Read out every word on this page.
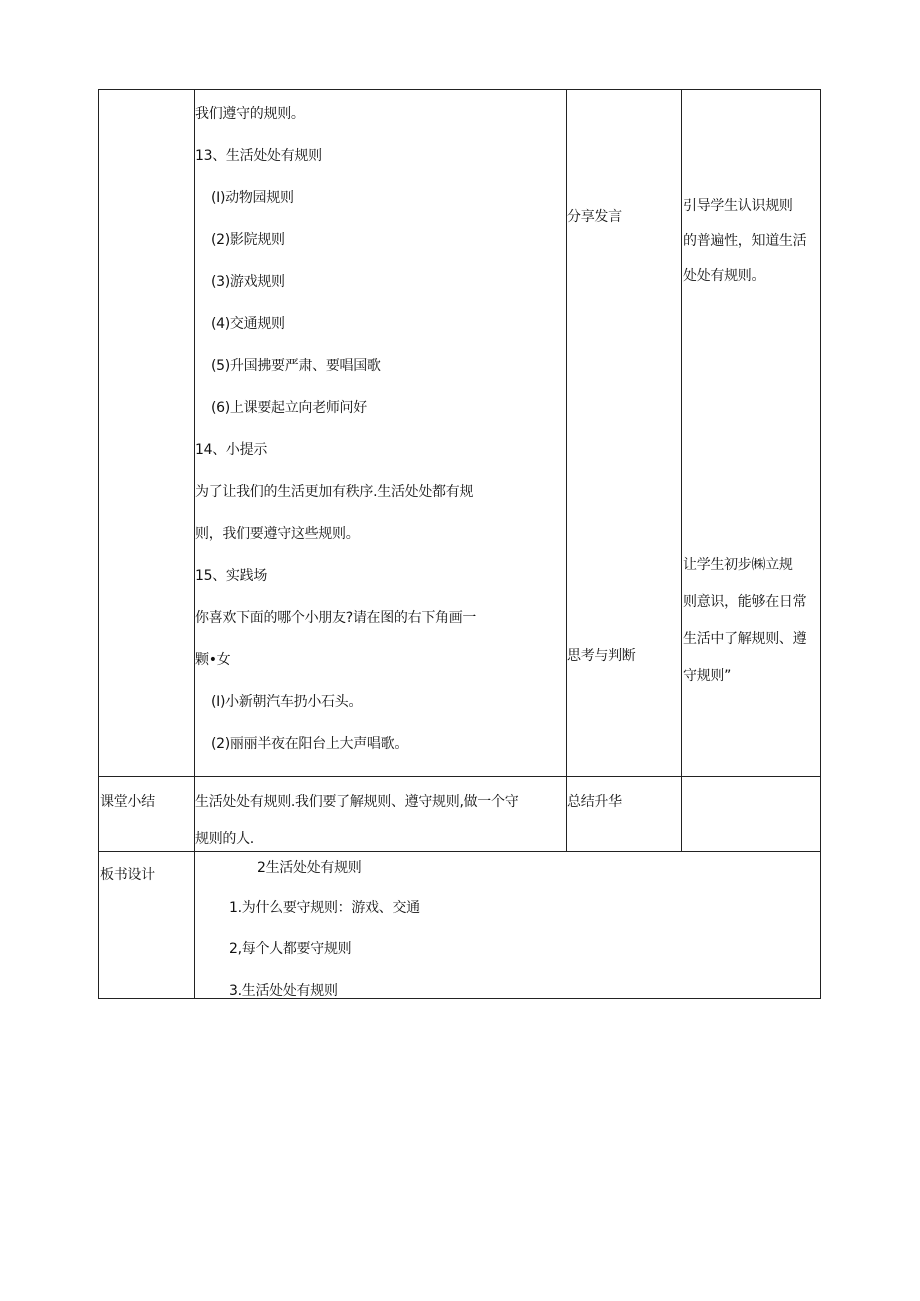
我们遵守的规则。
13、生活处处有规则
(I)动物园规则
(2)影院规则
(3)游戏规则
(4)交通规则
(5)升国拂要严肃、要唱国歌
(6)上课要起立向老师问好
14、小提示
为了让我们的生活更加有秩序.生活处处都有规
则，我们要遵守这些规则。
15、实践场
你喜欢下面的哪个小朋友?请在图的右下角画一
颗•女
(I)小新朝汽车扔小石头。
(2)丽丽半夜在阳台上大声唱歌。
分享发言
思考与判断
引导学生认识规则
的普遍性，知道生活
处处有规则。
让学生初步㈱立规
则意识，能够在日常
生活中了解规则、遵
守规则”
课堂小结	生活处处有规则.我们要了解规则、遵守规则,做一个守
规则的人.
总结升华
板书设计	2生活处处有规则
1.为什么要守规则：游戏、交通
2,每个人都要守规则
3.生活处处有规则
